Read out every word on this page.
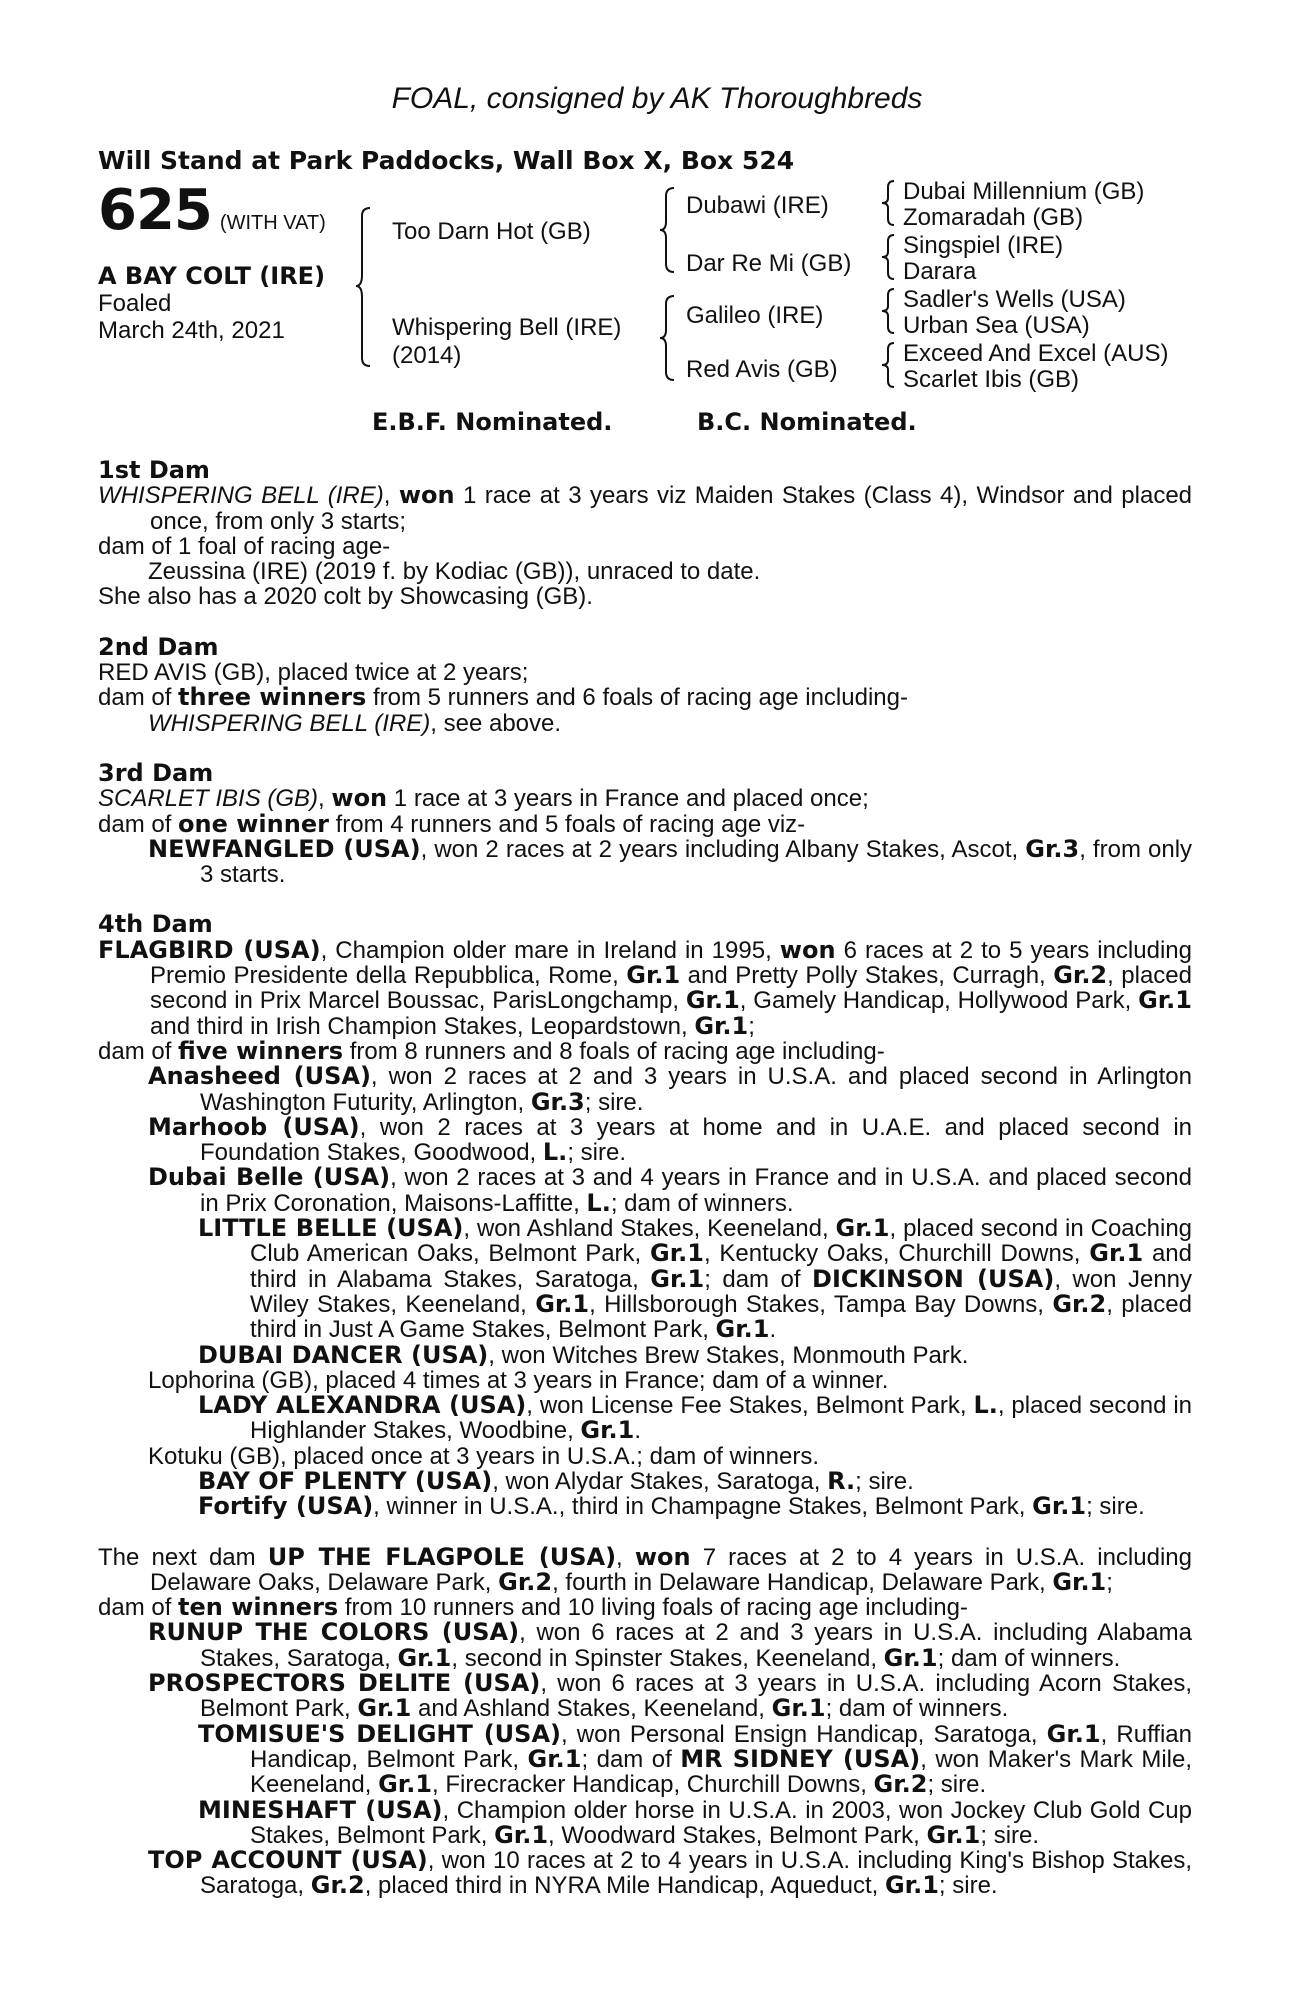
FOAL, consigned by AK Thoroughbreds
Will Stand at Park Paddocks, Wall Box X, Box 524
625 (WITH VAT)
A BAY COLT (IRE)
Foaled
March 24th, 2021
Too Darn Hot (GB)
Whispering Bell (IRE)
(2014)
Dubawi (IRE)
Dar Re Mi (GB)
Galileo (IRE)
Red Avis (GB)
Dubai Millennium (GB)
Zomaradah (GB)
Singspiel (IRE)
Darara
Sadler's Wells (USA)
Urban Sea (USA)
Exceed And Excel (AUS)
Scarlet Ibis (GB)
E.B.F. Nominated.	B.C. Nominated.

1st Dam

WHISPERING BELL (IRE), won 1 race at 3 years viz Maiden Stakes (Class 4), Windsor and placed once, from only 3 starts;

dam of 1 foal of racing age-

Zeussina (IRE) (2019 f. by Kodiac (GB)), unraced to date.

She also has a 2020 colt by Showcasing (GB).

2nd Dam

RED AVIS (GB), placed twice at 2 years;

dam of three winners from 5 runners and 6 foals of racing age including-

WHISPERING BELL (IRE), see above.

3rd Dam

SCARLET IBIS (GB), won 1 race at 3 years in France and placed once;

dam of one winner from 4 runners and 5 foals of racing age viz-

NEWFANGLED (USA), won 2 races at 2 years including Albany Stakes, Ascot, Gr.3, from only 3 starts.

4th Dam

FLAGBIRD (USA), Champion older mare in Ireland in 1995, won 6 races at 2 to 5 years including Premio Presidente della Repubblica, Rome, Gr.1 and Pretty Polly Stakes, Curragh, Gr.2, placed second in Prix Marcel Boussac, ParisLongchamp, Gr.1, Gamely Handicap, Hollywood Park, Gr.1 and third in Irish Champion Stakes, Leopardstown, Gr.1;

dam of five winners from 8 runners and 8 foals of racing age including-

Anasheed (USA), won 2 races at 2 and 3 years in U.S.A. and placed second in Arlington Washington Futurity, Arlington, Gr.3; sire.

Marhoob (USA), won 2 races at 3 years at home and in U.A.E. and placed second in Foundation Stakes, Goodwood, L.; sire.

Dubai Belle (USA), won 2 races at 3 and 4 years in France and in U.S.A. and placed second in Prix Coronation, Maisons-Laffitte, L.; dam of winners.

LITTLE BELLE (USA), won Ashland Stakes, Keeneland, Gr.1, placed second in Coaching Club American Oaks, Belmont Park, Gr.1, Kentucky Oaks, Churchill Downs, Gr.1 and third in Alabama Stakes, Saratoga, Gr.1; dam of DICKINSON (USA), won Jenny Wiley Stakes, Keeneland, Gr.1, Hillsborough Stakes, Tampa Bay Downs, Gr.2, placed third in Just A Game Stakes, Belmont Park, Gr.1.

DUBAI DANCER (USA), won Witches Brew Stakes, Monmouth Park.

Lophorina (GB), placed 4 times at 3 years in France; dam of a winner.

LADY ALEXANDRA (USA), won License Fee Stakes, Belmont Park, L., placed second in Highlander Stakes, Woodbine, Gr.1.

Kotuku (GB), placed once at 3 years in U.S.A.; dam of winners.

BAY OF PLENTY (USA), won Alydar Stakes, Saratoga, R.; sire.

Fortify (USA), winner in U.S.A., third in Champagne Stakes, Belmont Park, Gr.1; sire.

The next dam UP THE FLAGPOLE (USA), won 7 races at 2 to 4 years in U.S.A. including Delaware Oaks, Delaware Park, Gr.2, fourth in Delaware Handicap, Delaware Park, Gr.1;

dam of ten winners from 10 runners and 10 living foals of racing age including-

RUNUP THE COLORS (USA), won 6 races at 2 and 3 years in U.S.A. including Alabama Stakes, Saratoga, Gr.1, second in Spinster Stakes, Keeneland, Gr.1; dam of winners.

PROSPECTORS DELITE (USA), won 6 races at 3 years in U.S.A. including Acorn Stakes, Belmont Park, Gr.1 and Ashland Stakes, Keeneland, Gr.1; dam of winners.

TOMISUE'S DELIGHT (USA), won Personal Ensign Handicap, Saratoga, Gr.1, Ruffian Handicap, Belmont Park, Gr.1; dam of MR SIDNEY (USA), won Maker's Mark Mile, Keeneland, Gr.1, Firecracker Handicap, Churchill Downs, Gr.2; sire.

MINESHAFT (USA), Champion older horse in U.S.A. in 2003, won Jockey Club Gold Cup Stakes, Belmont Park, Gr.1, Woodward Stakes, Belmont Park, Gr.1; sire.

TOP ACCOUNT (USA), won 10 races at 2 to 4 years in U.S.A. including King's Bishop Stakes, Saratoga, Gr.2, placed third in NYRA Mile Handicap, Aqueduct, Gr.1; sire.
